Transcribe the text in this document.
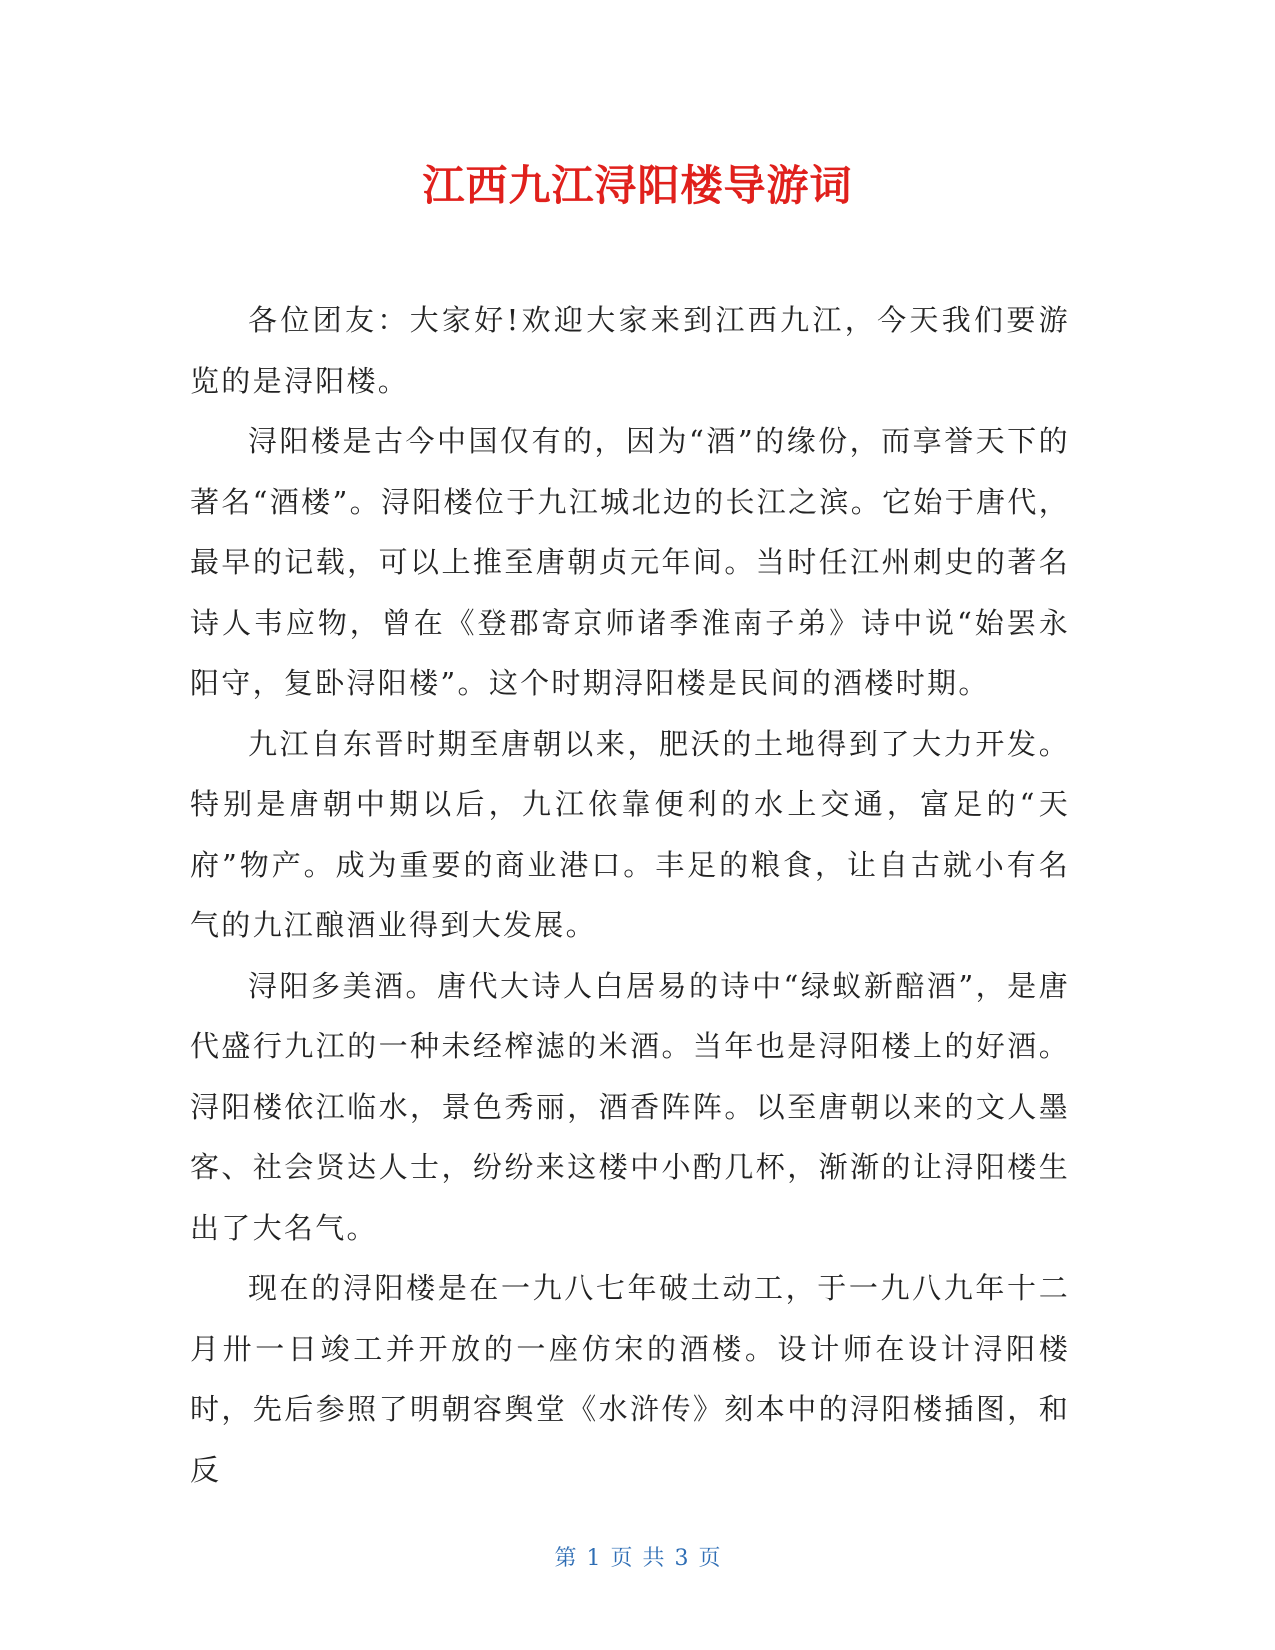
江西九江浔阳楼导游词

各位团友：大家好!欢迎大家来到江西九江，今天我们要游览的是浔阳楼。

浔阳楼是古今中国仅有的，因为“酒”的缘份，而享誉天下的著名“酒楼”。浔阳楼位于九江城北边的长江之滨。它始于唐代，最早的记载，可以上推至唐朝贞元年间。当时任江州刺史的著名诗人韦应物，曾在《登郡寄京师诸季淮南子弟》诗中说“始罢永阳守，复卧浔阳楼”。这个时期浔阳楼是民间的酒楼时期。

九江自东晋时期至唐朝以来，肥沃的土地得到了大力开发。特别是唐朝中期以后，九江依靠便利的水上交通，富足的“天府”物产。成为重要的商业港口。丰足的粮食，让自古就小有名气的九江酿酒业得到大发展。

浔阳多美酒。唐代大诗人白居易的诗中“绿蚁新醅酒”，是唐代盛行九江的一种未经榨滤的米酒。当年也是浔阳楼上的好酒。浔阳楼依江临水，景色秀丽，酒香阵阵。以至唐朝以来的文人墨客、社会贤达人士，纷纷来这楼中小酌几杯，渐渐的让浔阳楼生出了大名气。

现在的浔阳楼是在一九八七年破土动工，于一九八九年十二月卅一日竣工并开放的一座仿宋的酒楼。设计师在设计浔阳楼时，先后参照了明朝容舆堂《水浒传》刻本中的浔阳楼插图，和反

第 1 页 共 3 页
